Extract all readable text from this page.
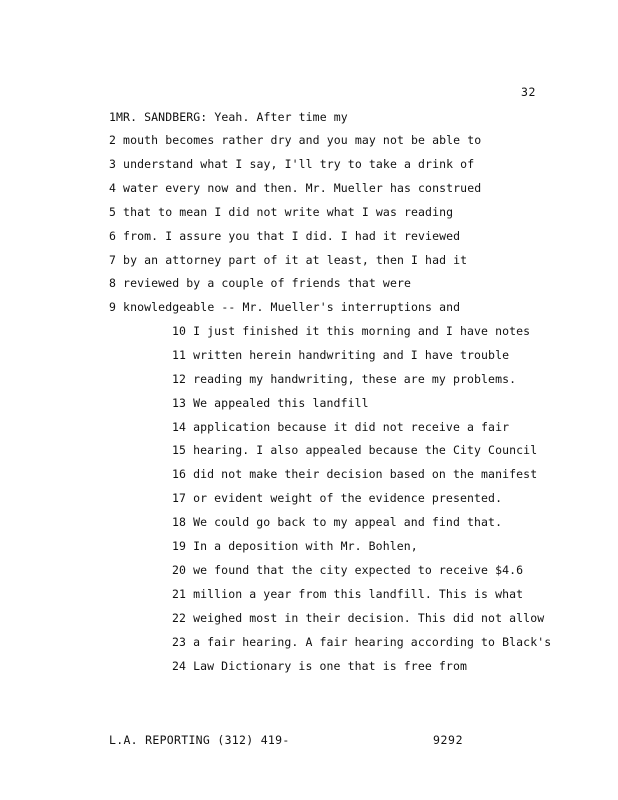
32
1MR. SANDBERG: Yeah. After time my
2 mouth becomes rather dry and you may not be able to
3 understand what I say, I'll try to take a drink of
4 water every now and then. Mr. Mueller has construed
5 that to mean I did not write what I was reading
6 from. I assure you that I did. I had it reviewed
7 by an attorney part of it at least, then I had it
8 reviewed by a couple of friends that were
9 knowledgeable -- Mr. Mueller's interruptions and
10 I just finished it this morning and I have notes
11 written herein handwriting and I have trouble
12 reading my handwriting, these are my problems.
13 We appealed this landfill
14 application because it did not receive a fair
15 hearing. I also appealed because the City Council
16 did not make their decision based on the manifest
17 or evident weight of the evidence presented.
18 We could go back to my appeal and find that.
19 In a deposition with Mr. Bohlen,
20 we found that the city expected to receive $4.6
21 million a year from this landfill. This is what
22 weighed most in their decision. This did not allow
23 a fair hearing. A fair hearing according to Black's
24 Law Dictionary is one that is free from
L.A. REPORTING (312) 419-	9292
